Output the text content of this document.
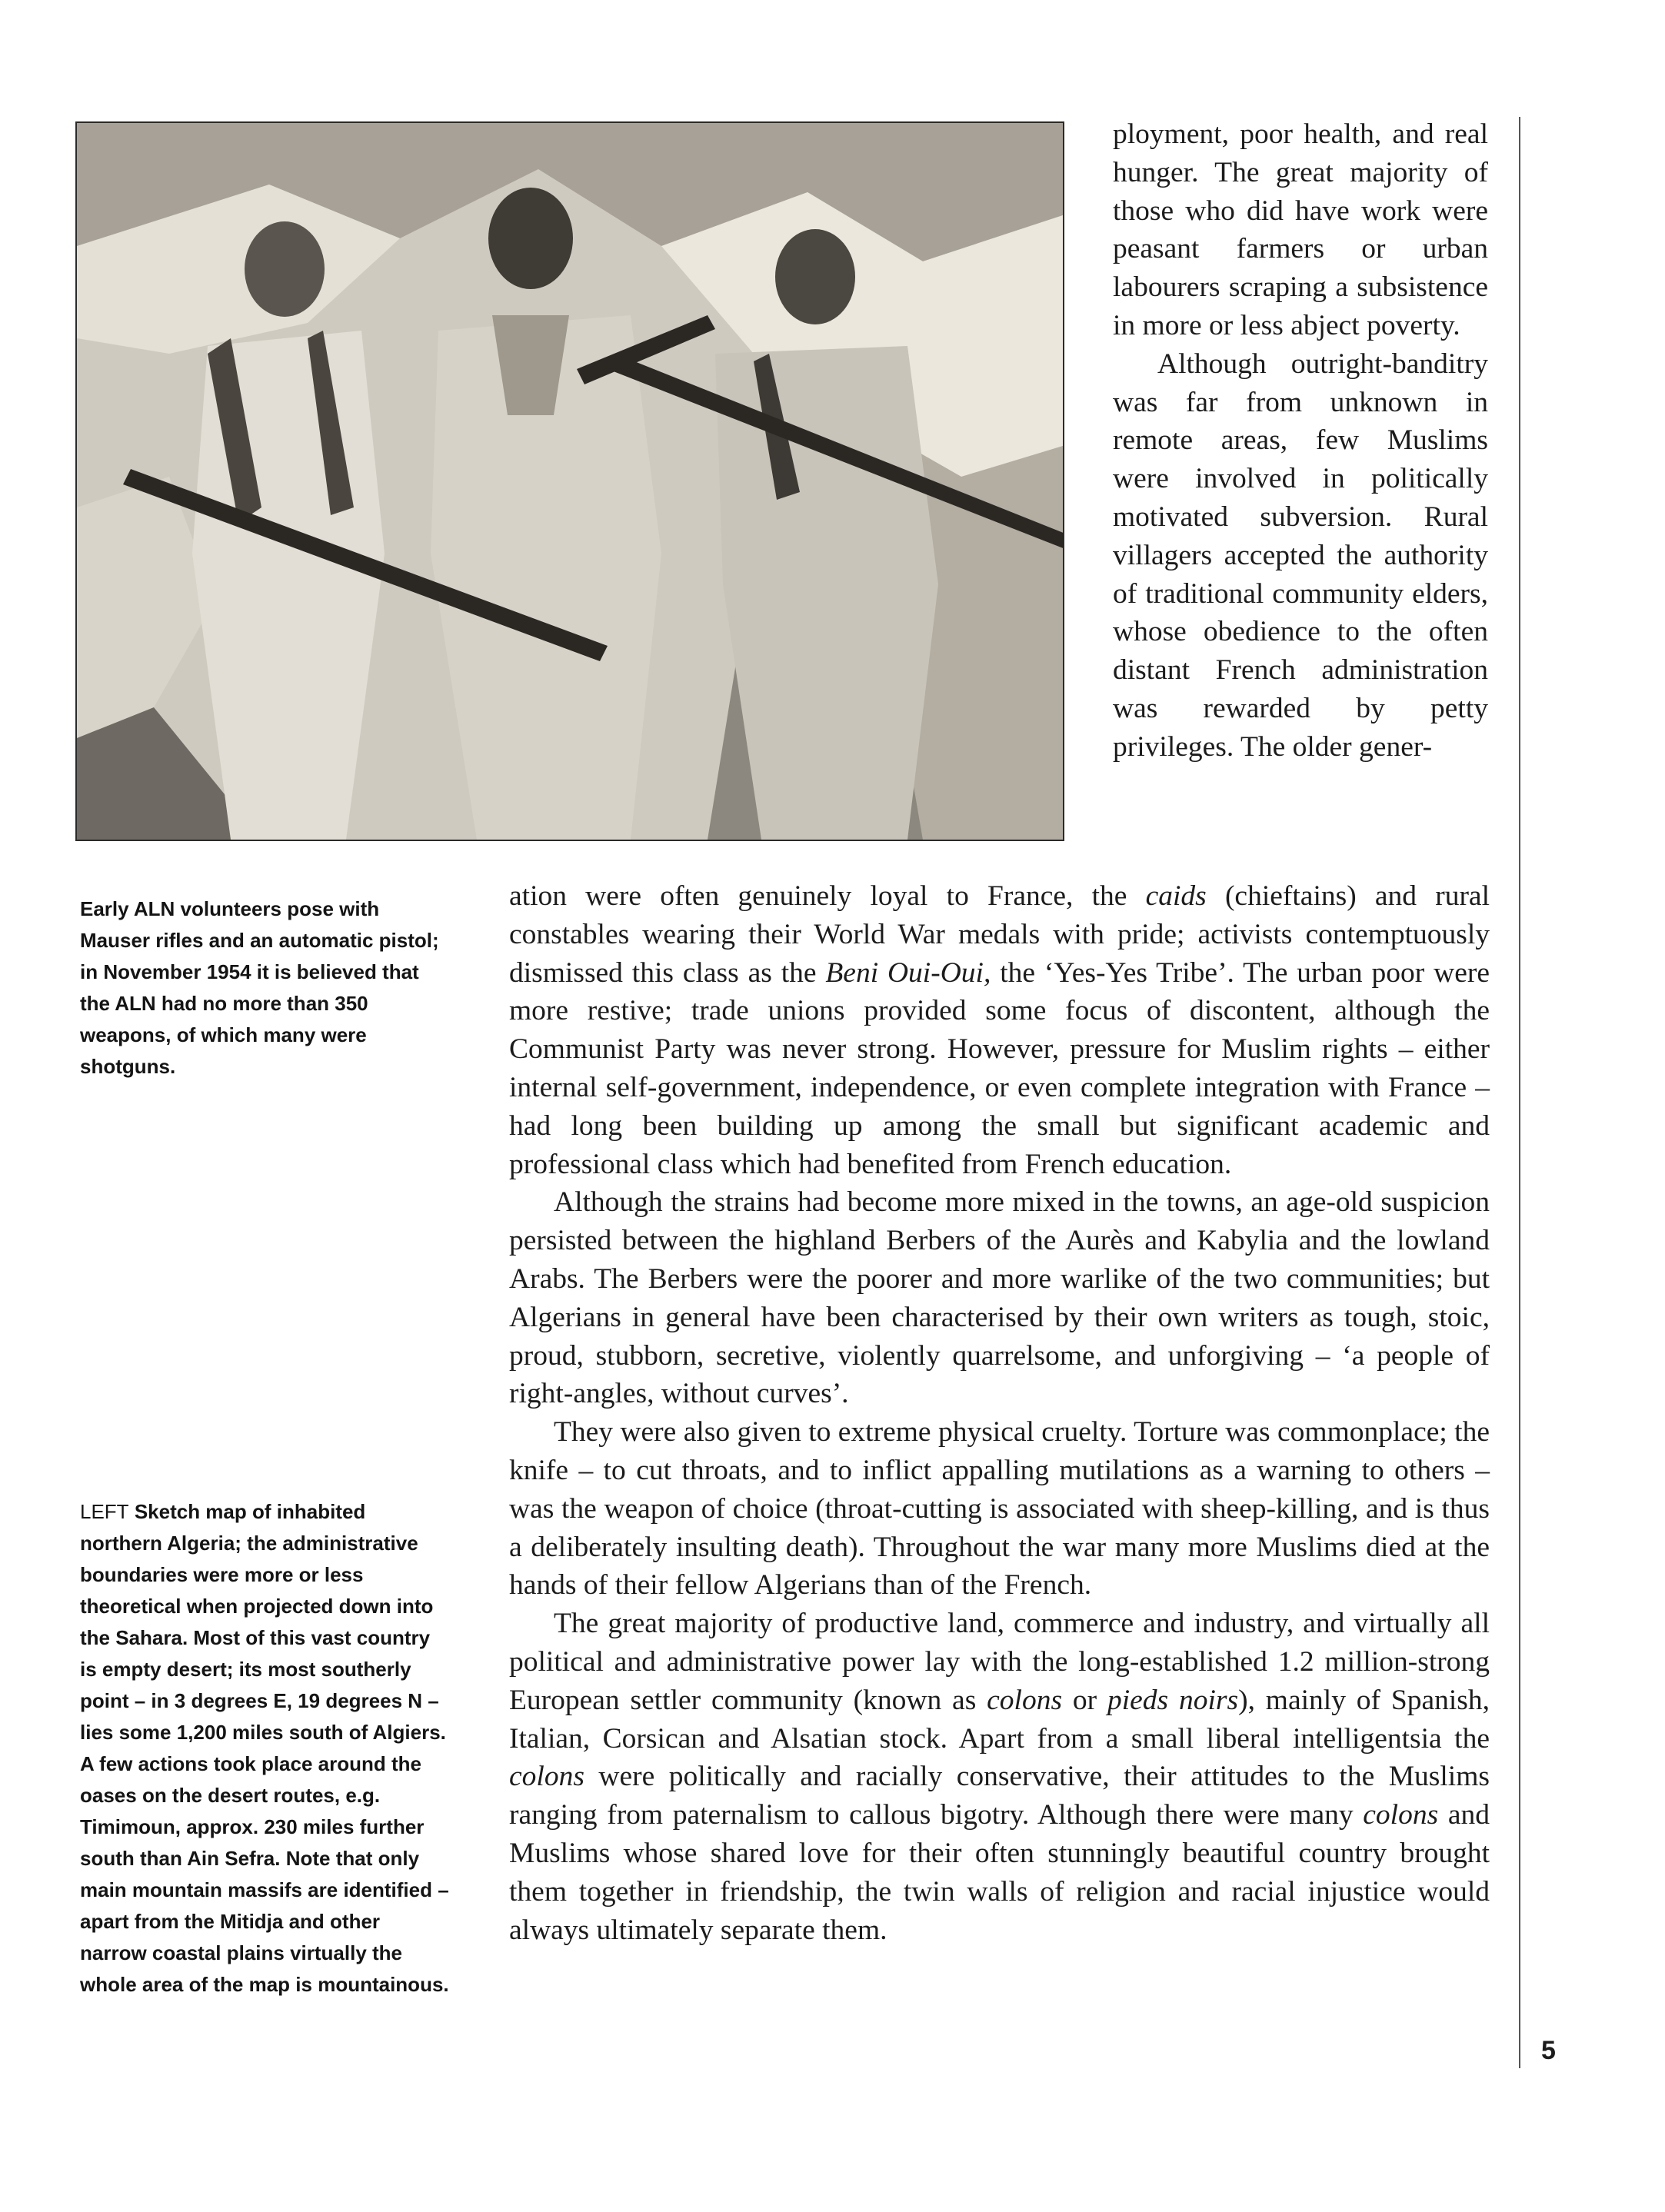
Early ALN volunteers pose with Mauser rifles and an automatic pistol; in November 1954 it is believed that the ALN had no more than 350 weapons, of which many were shotguns.
LEFT Sketch map of inhabited northern Algeria; the administrative boundaries were more or less theoretical when projected down into the Sahara. Most of this vast country is empty desert; its most southerly point – in 3 degrees E, 19 degrees N – lies some 1,200 miles south of Algiers. A few actions took place around the oases on the desert routes, e.g. Timimoun, approx. 230 miles further south than Ain Sefra. Note that only main mountain massifs are identified – apart from the Mitidja and other narrow coastal plains virtually the whole area of the map is mountainous.

ployment, poor health, and real hunger. The great majority of those who did have work were peasant farmers or urban labourers scraping a subsistence in more or less abject poverty.

Although outright-banditry was far from unknown in remote areas, few Muslims were involved in politically motivated subversion. Rural villagers accepted the authority of traditional community elders, whose obedience to the often distant French administration was rewarded by petty privileges. The older gener-

ation were often genuinely loyal to France, the caids (chieftains) and rural constables wearing their World War medals with pride; activists contemptuously dismissed this class as the Beni Oui-Oui, the ‘Yes-Yes Tribe’. The urban poor were more restive; trade unions provided some focus of discontent, although the Communist Party was never strong. However, pressure for Muslim rights – either internal self-government, independence, or even complete integration with France – had long been building up among the small but significant academic and professional class which had benefited from French education.

Although the strains had become more mixed in the towns, an age-old suspicion persisted between the highland Berbers of the Aurès and Kabylia and the lowland Arabs. The Berbers were the poorer and more warlike of the two communities; but Algerians in general have been characterised by their own writers as tough, stoic, proud, stubborn, secretive, violently quarrelsome, and unforgiving – ‘a people of right-angles, without curves’.

They were also given to extreme physical cruelty. Torture was commonplace; the knife – to cut throats, and to inflict appalling mutilations as a warning to others – was the weapon of choice (throat-cutting is associated with sheep-killing, and is thus a deliberately insulting death). Throughout the war many more Muslims died at the hands of their fellow Algerians than of the French.

The great majority of productive land, commerce and industry, and virtually all political and administrative power lay with the long-established 1.2 million-strong European settler community (known as colons or pieds noirs), mainly of Spanish, Italian, Corsican and Alsatian stock. Apart from a small liberal intelligentsia the colons were politically and racially conservative, their attitudes to the Muslims ranging from paternalism to callous bigotry. Although there were many colons and Muslims whose shared love for their often stunningly beautiful country brought them together in friendship, the twin walls of religion and racial injustice would always ultimately separate them.

5
